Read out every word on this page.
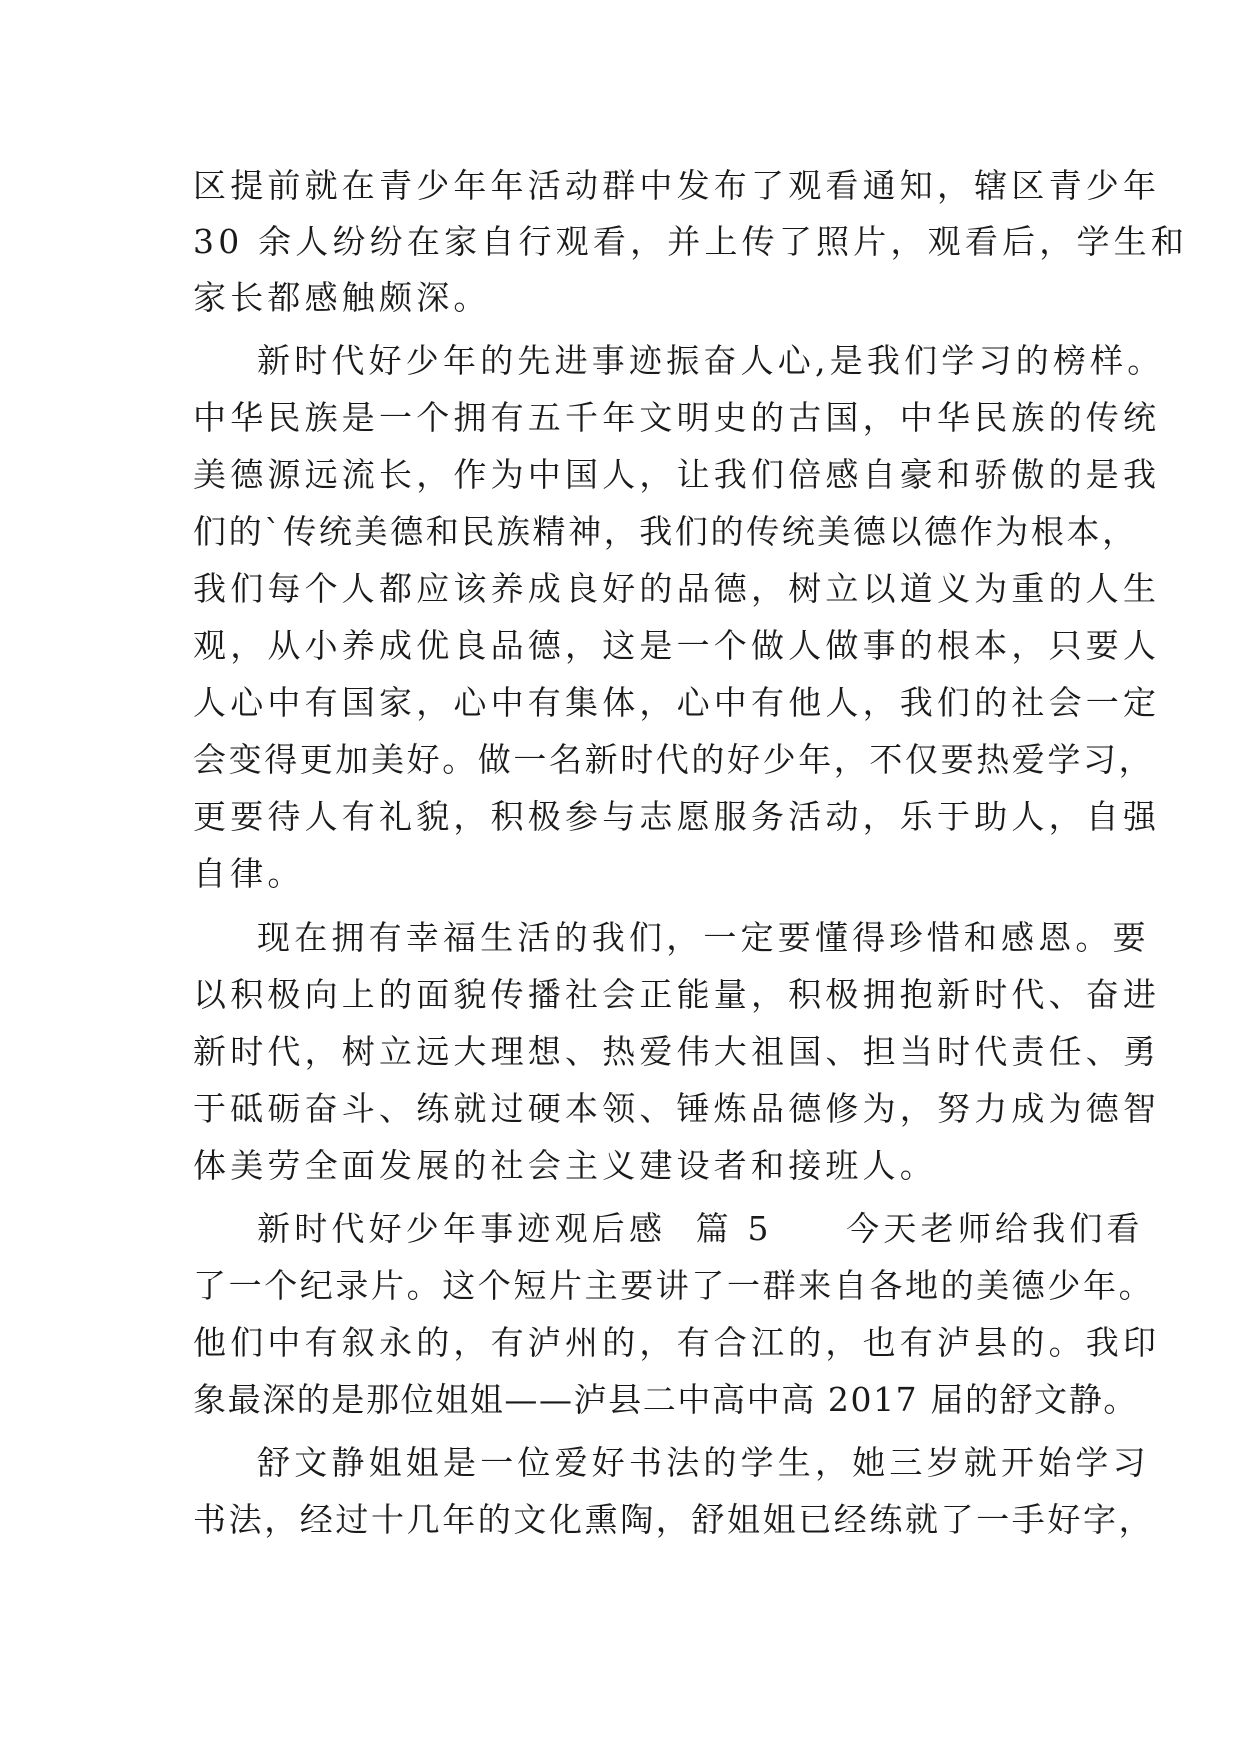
区提前就在青少年年活动群中发布了观看通知，辖区青少年
30 余人纷纷在家自行观看，并上传了照片，观看后，学生和
家长都感触颇深。
新时代好少年的先进事迹振奋人心,是我们学习的榜样。
中华民族是一个拥有五千年文明史的古国，中华民族的传统
美德源远流长，作为中国人，让我们倍感自豪和骄傲的是我
们的`传统美德和民族精神，我们的传统美德以德作为根本，
我们每个人都应该养成良好的品德，树立以道义为重的人生
观，从小养成优良品德，这是一个做人做事的根本，只要人
人心中有国家，心中有集体，心中有他人，我们的社会一定
会变得更加美好。做一名新时代的好少年，不仅要热爱学习，
更要待人有礼貌，积极参与志愿服务活动，乐于助人，自强
自律。
现在拥有幸福生活的我们，一定要懂得珍惜和感恩。要
以积极向上的面貌传播社会正能量，积极拥抱新时代、奋进
新时代，树立远大理想、热爱伟大祖国、担当时代责任、勇
于砥砺奋斗、练就过硬本领、锤炼品德修为，努力成为德智
体美劳全面发展的社会主义建设者和接班人。
新时代好少年事迹观后感  篇 5     今天老师给我们看
了一个纪录片。这个短片主要讲了一群来自各地的美德少年。
他们中有叙永的，有泸州的，有合江的，也有泸县的。我印
象最深的是那位姐姐——泸县二中高中高 2017 届的舒文静。
舒文静姐姐是一位爱好书法的学生，她三岁就开始学习
书法，经过十几年的文化熏陶，舒姐姐已经练就了一手好字，
